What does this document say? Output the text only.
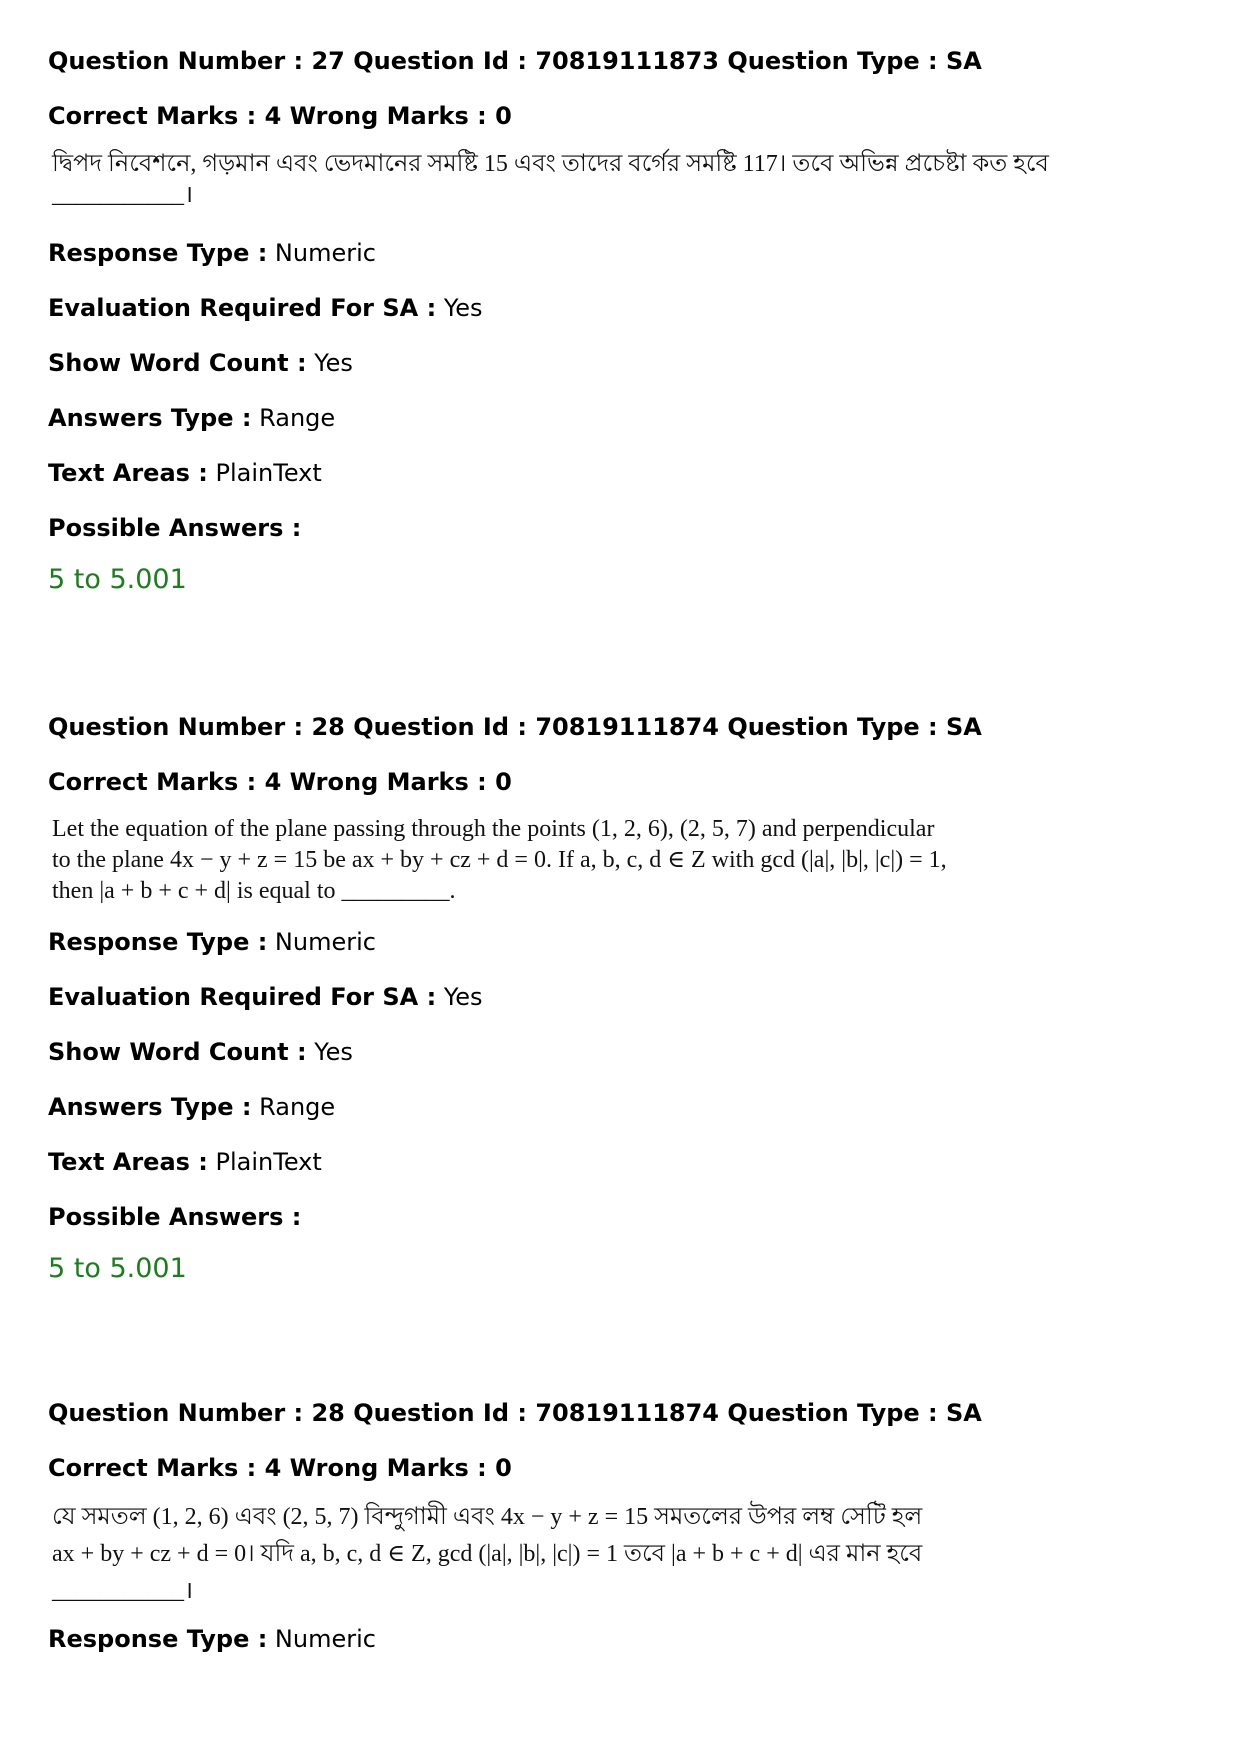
Question Number : 27 Question Id : 70819111873 Question Type : SA
Correct Marks : 4 Wrong Marks : 0
দ্বিপদ নিবেশনে, গড়মান এবং ভেদমানের সমষ্টি 15 এবং তাদের বর্গের সমষ্টি 117। তবে অভিন্ন প্রচেষ্টা কত হবে
___________।
Response Type : Numeric
Evaluation Required For SA : Yes
Show Word Count : Yes
Answers Type : Range
Text Areas : PlainText
Possible Answers :
5 to 5.001
Question Number : 28 Question Id : 70819111874 Question Type : SA
Correct Marks : 4 Wrong Marks : 0
Let the equation of the plane passing through the points (1, 2, 6), (2, 5, 7) and perpendicular
to the plane 4x − y + z = 15 be ax + by + cz + d = 0. If a, b, c, d ∈ Z with gcd (|a|, |b|, |c|) = 1,
then |a + b + c + d| is equal to _________.
Response Type : Numeric
Evaluation Required For SA : Yes
Show Word Count : Yes
Answers Type : Range
Text Areas : PlainText
Possible Answers :
5 to 5.001
Question Number : 28 Question Id : 70819111874 Question Type : SA
Correct Marks : 4 Wrong Marks : 0
যে সমতল (1, 2, 6) এবং (2, 5, 7) বিন্দুগামী এবং 4x − y + z = 15 সমতলের উপর লম্ব সেটি হল
ax + by + cz + d = 0। যদি a, b, c, d ∈ Z, gcd (|a|, |b|, |c|) = 1 তবে |a + b + c + d| এর মান হবে
___________।
Response Type : Numeric
